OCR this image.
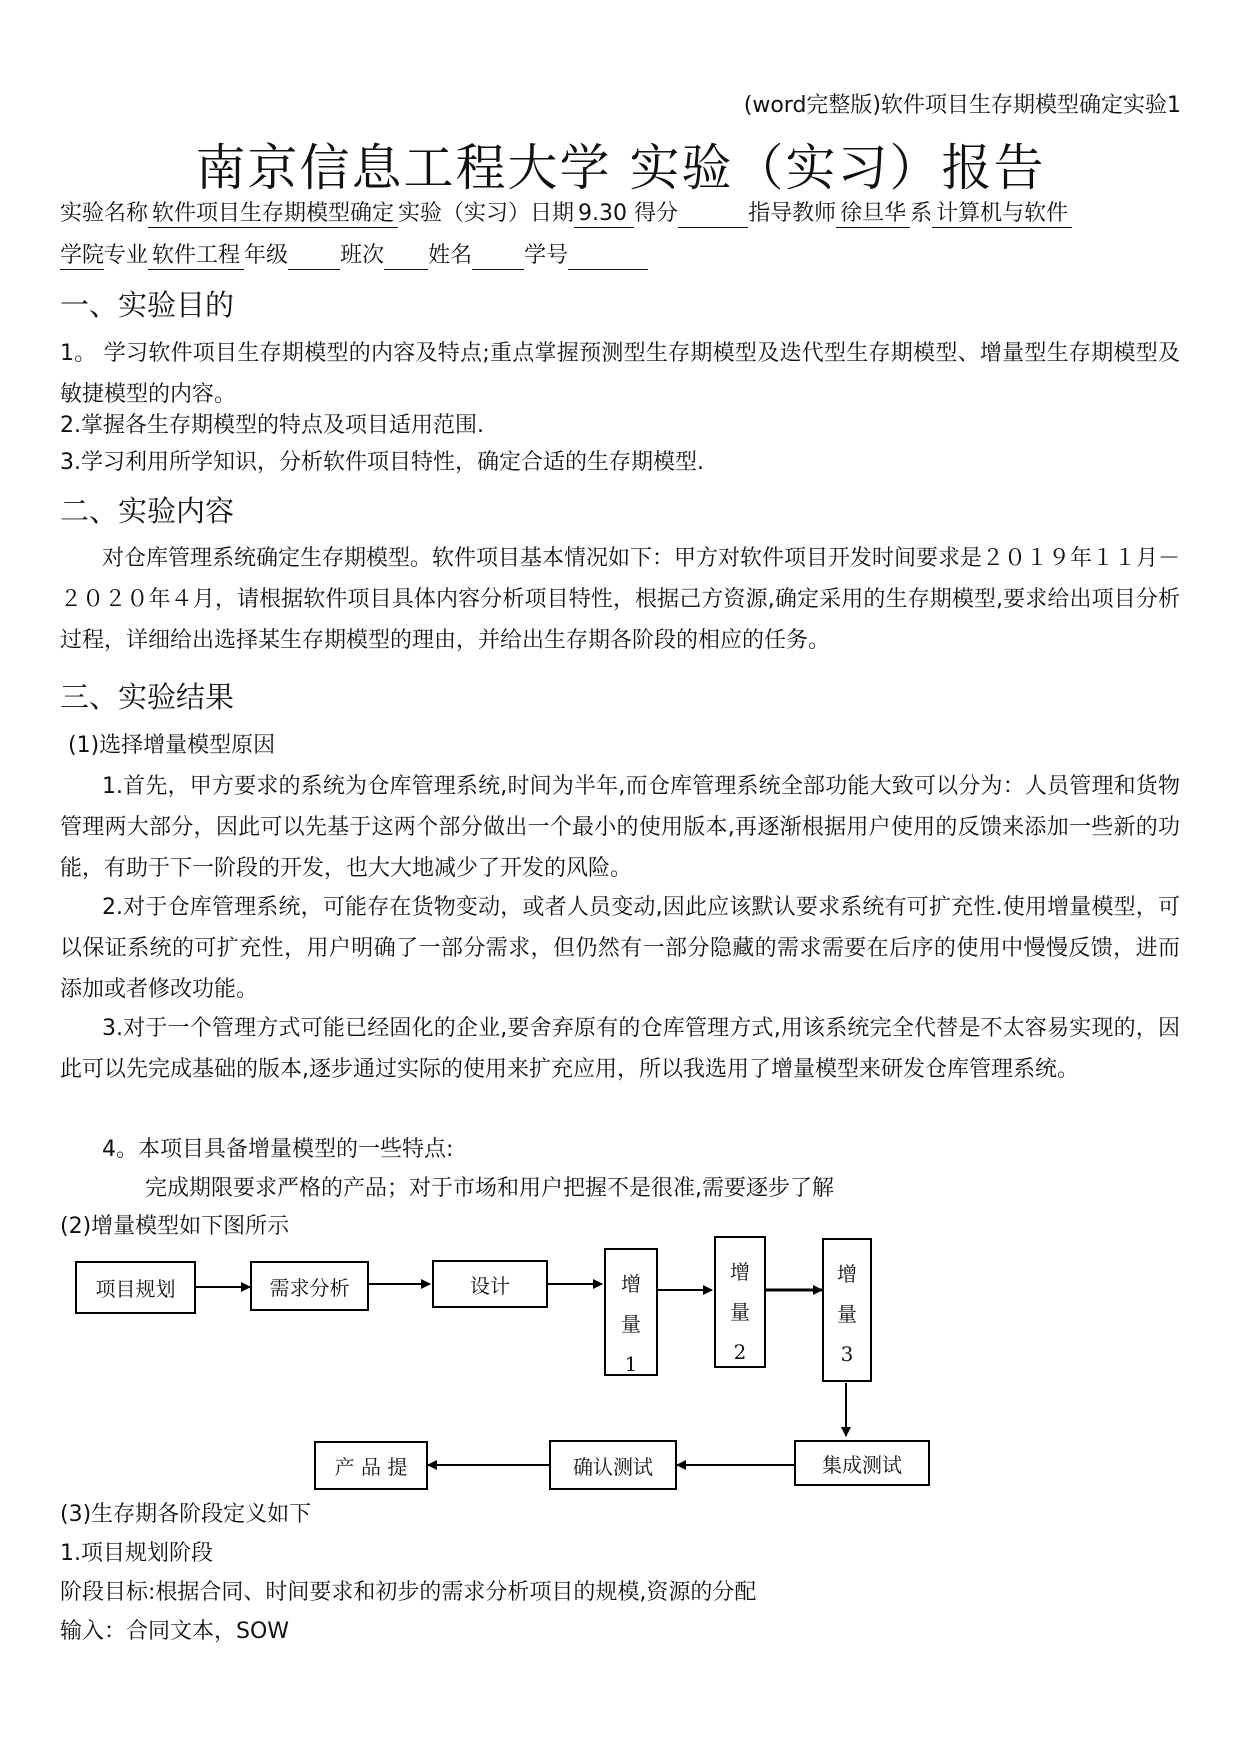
(word完整版)软件项目生存期模型确定实验1
南京信息工程大学 实验（实习）报告
实验名称 软件项目生存期模型确定 实验（实习）日期 9.30 得分	指导教师 徐旦华 系 计算机与软件
学院专业 软件工程 年级 班次 姓名 学号
一、实验目的
1。 学习软件项目生存期模型的内容及特点;重点掌握预测型生存期模型及迭代型生存期模型、增量型生存期模型及敏捷模型的内容。
2.掌握各生存期模型的特点及项目适用范围.
3.学习利用所学知识，分析软件项目特性，确定合适的生存期模型.
二、实验内容
对仓库管理系统确定生存期模型。软件项目基本情况如下：甲方对软件项目开发时间要求是２０１９年１１月－２０２０年４月，请根据软件项目具体内容分析项目特性，根据己方资源,确定采用的生存期模型,要求给出项目分析过程，详细给出选择某生存期模型的理由，并给出生存期各阶段的相应的任务。
三、实验结果
(1)选择增量模型原因
1.首先，甲方要求的系统为仓库管理系统,时间为半年,而仓库管理系统全部功能大致可以分为：人员管理和货物管理两大部分，因此可以先基于这两个部分做出一个最小的使用版本,再逐渐根据用户使用的反馈来添加一些新的功能，有助于下一阶段的开发，也大大地减少了开发的风险。
2.对于仓库管理系统，可能存在货物变动，或者人员变动,因此应该默认要求系统有可扩充性.使用增量模型，可以保证系统的可扩充性，用户明确了一部分需求，但仍然有一部分隐藏的需求需要在后序的使用中慢慢反馈，进而添加或者修改功能。
3.对于一个管理方式可能已经固化的企业,要舍弃原有的仓库管理方式,用该系统完全代替是不太容易实现的，因此可以先完成基础的版本,逐步通过实际的使用来扩充应用，所以我选用了增量模型来研发仓库管理系统。
4。本项目具备增量模型的一些特点:
完成期限要求严格的产品；对于市场和用户把握不是很准,需要逐步了解
(2)增量模型如下图所示
项目规划	需求分析	设计	增
量
1
增
量
2
增
量
3
集成测试
确认测试
产 品 提
(3)生存期各阶段定义如下
1.项目规划阶段
阶段目标:根据合同、时间要求和初步的需求分析项目的规模,资源的分配
输入：合同文本，SOW
